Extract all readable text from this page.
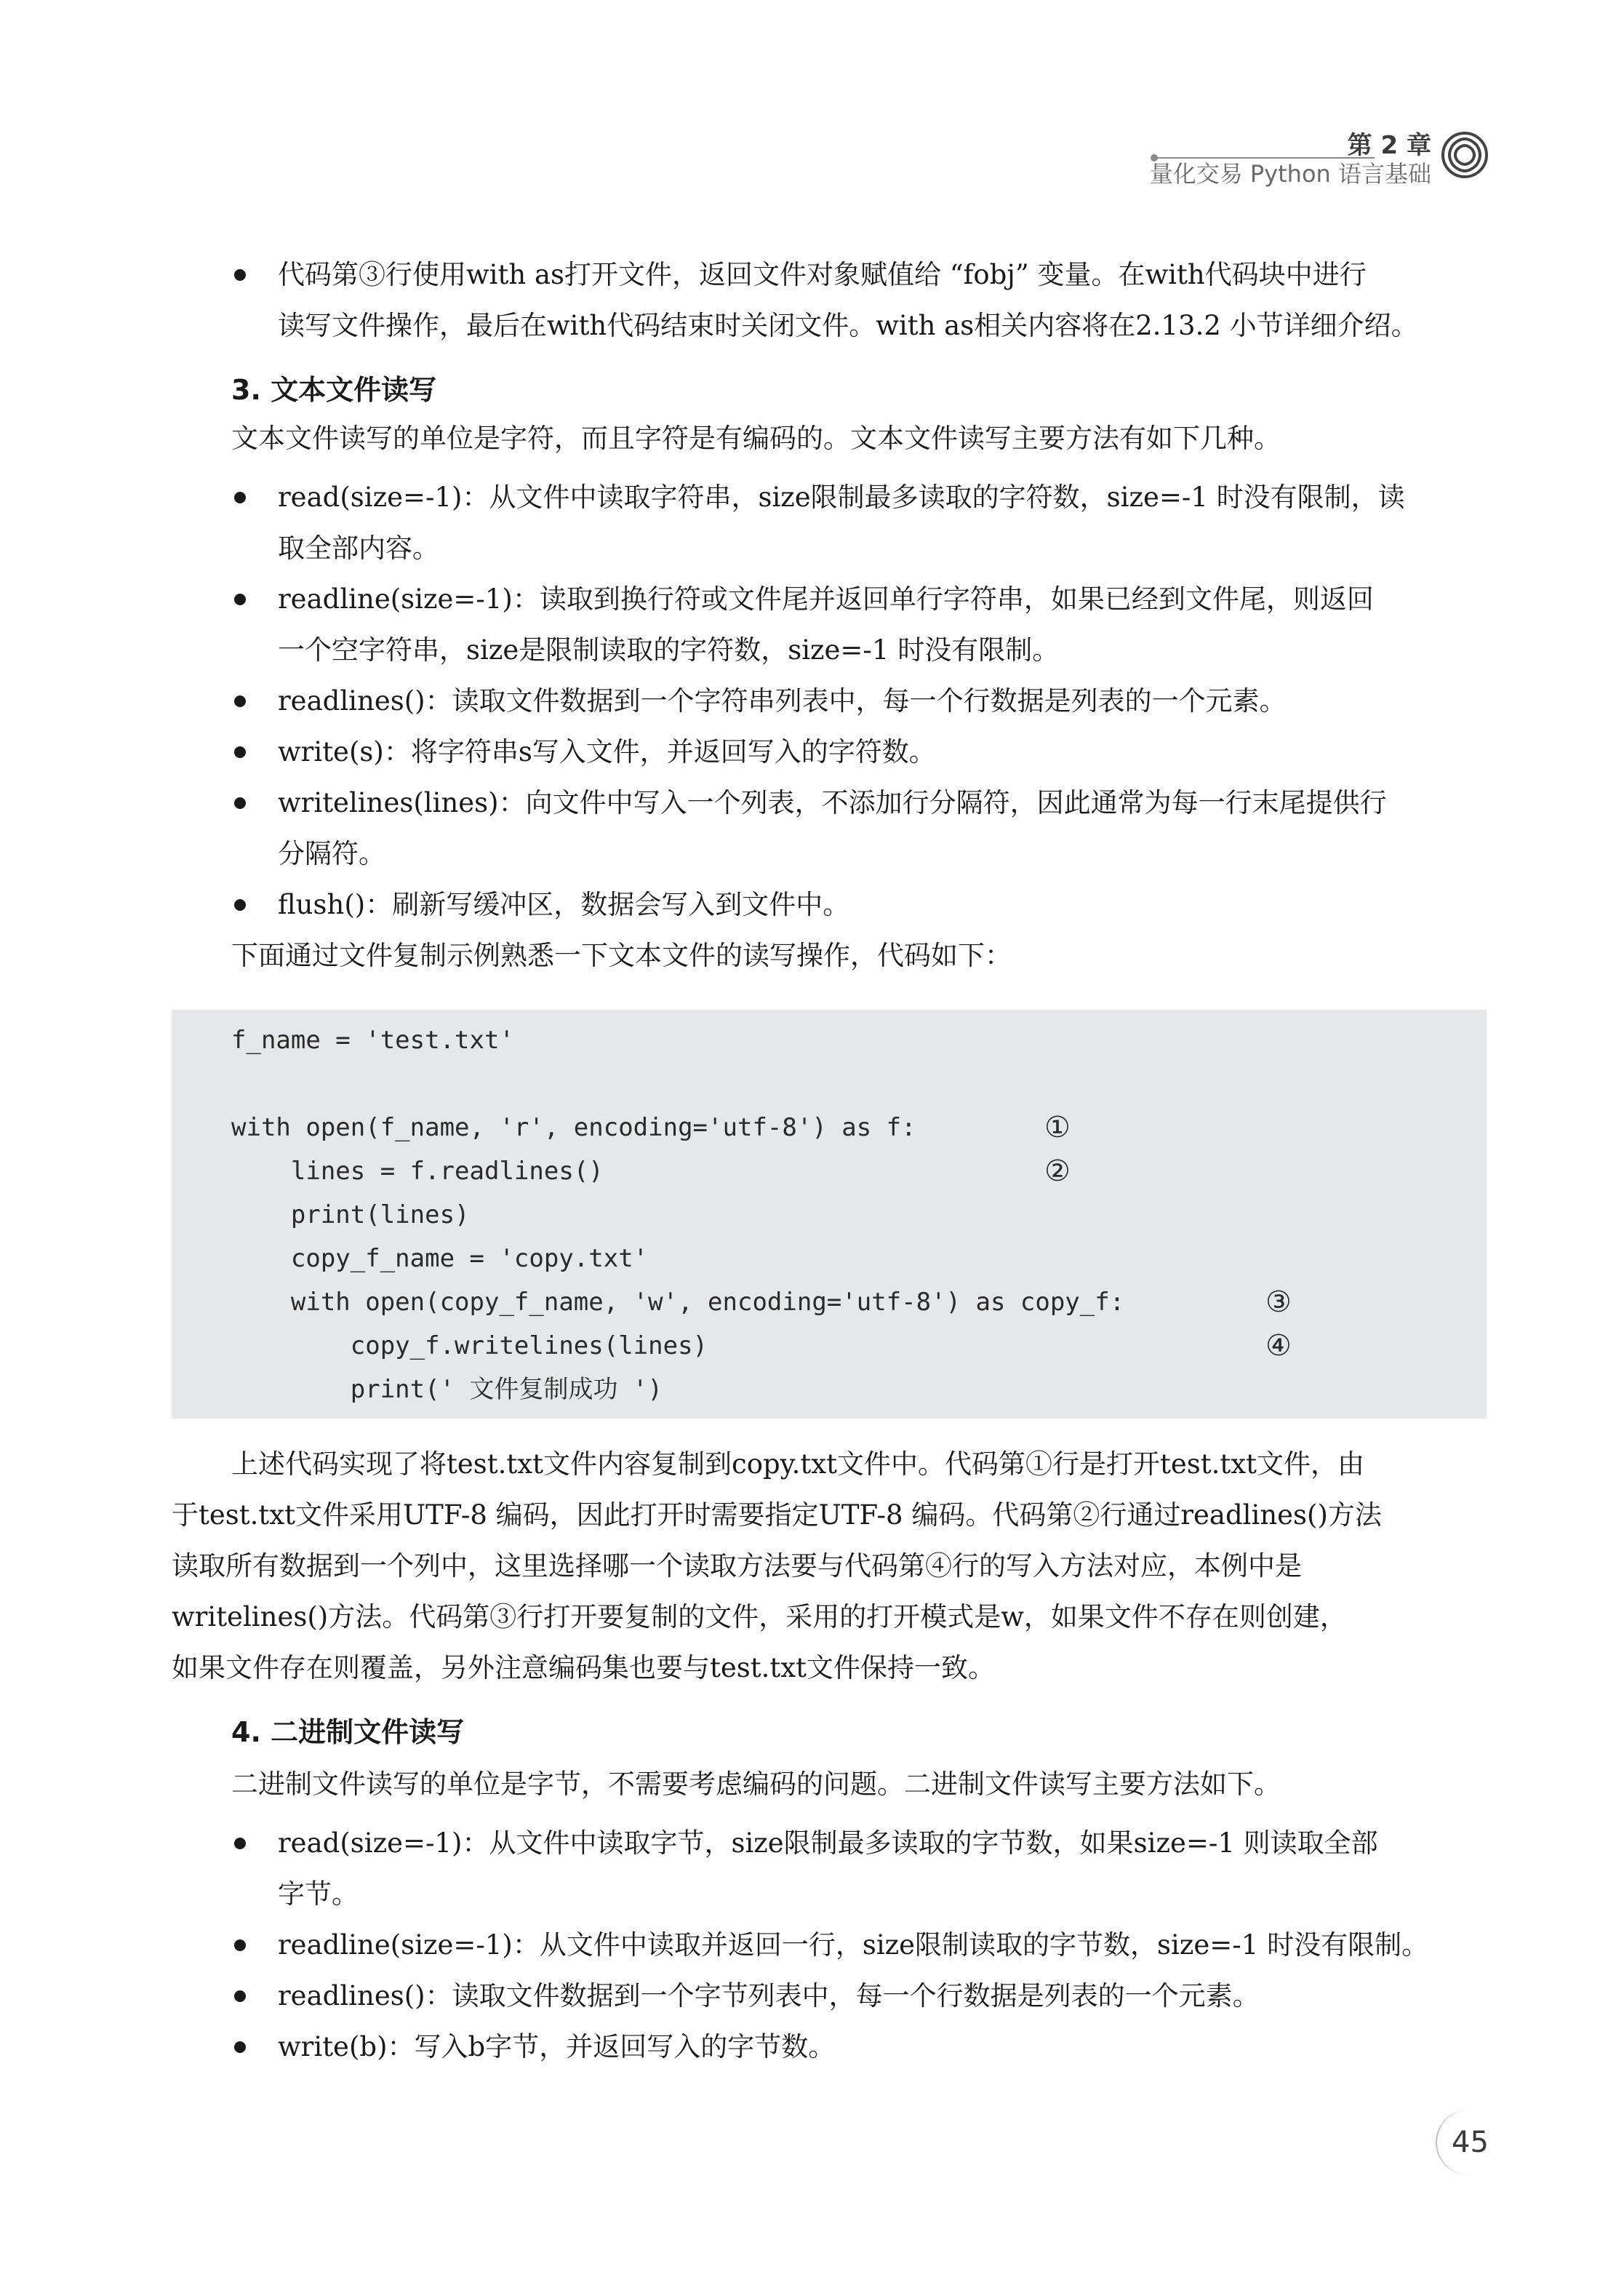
第 2 章
量化交易 Python 语言基础

代码第③行使用with as打开文件，返回文件对象赋值给 “fobj” 变量。在with代码块中进行

读写文件操作，最后在with代码结束时关闭文件。with as相关内容将在2.13.2 小节详细介绍。

3. 文本文件读写

文本文件读写的单位是字符，而且字符是有编码的。文本文件读写主要方法有如下几种。

read(size=-1)：从文件中读取字符串，size限制最多读取的字符数，size=-1 时没有限制，读

取全部内容。

readline(size=-1)：读取到换行符或文件尾并返回单行字符串，如果已经到文件尾，则返回

一个空字符串，size是限制读取的字符数，size=-1 时没有限制。

readlines()：读取文件数据到一个字符串列表中，每一个行数据是列表的一个元素。

write(s)：将字符串s写入文件，并返回写入的字符数。

writelines(lines)：向文件中写入一个列表，不添加行分隔符，因此通常为每一行末尾提供行

分隔符。

flush()：刷新写缓冲区，数据会写入到文件中。

下面通过文件复制示例熟悉一下文本文件的读写操作，代码如下：

f_name = 'test.txt'
with open(f_name, 'r', encoding='utf-8') as f:
lines = f.readlines()
print(lines)
copy_f_name = 'copy.txt'
with open(copy_f_name, 'w', encoding='utf-8') as copy_f:
copy_f.writelines(lines)
print(' 文件复制成功 ')
①
②
③
④

上述代码实现了将test.txt文件内容复制到copy.txt文件中。代码第①行是打开test.txt文件，由

于test.txt文件采用UTF-8 编码，因此打开时需要指定UTF-8 编码。代码第②行通过readlines()方法

读取所有数据到一个列中，这里选择哪一个读取方法要与代码第④行的写入方法对应，本例中是

writelines()方法。代码第③行打开要复制的文件，采用的打开模式是w，如果文件不存在则创建，

如果文件存在则覆盖，另外注意编码集也要与test.txt文件保持一致。

4. 二进制文件读写

二进制文件读写的单位是字节，不需要考虑编码的问题。二进制文件读写主要方法如下。

read(size=-1)：从文件中读取字节，size限制最多读取的字节数，如果size=-1 则读取全部

字节。

readline(size=-1)：从文件中读取并返回一行，size限制读取的字节数，size=-1 时没有限制。

readlines()：读取文件数据到一个字节列表中，每一个行数据是列表的一个元素。

write(b)：写入b字节，并返回写入的字节数。

45
